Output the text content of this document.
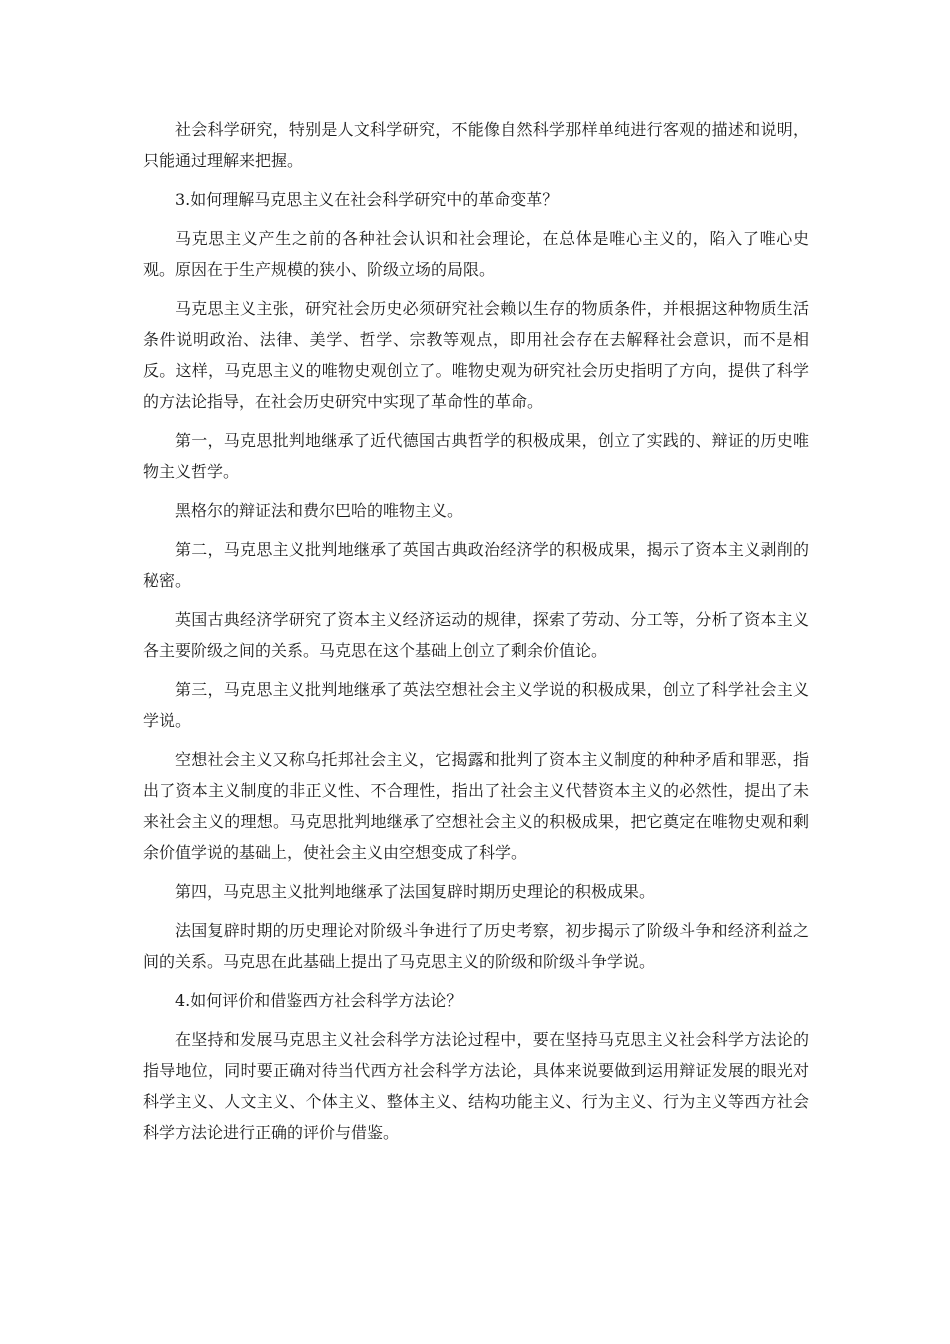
社会科学研究，特别是人文科学研究，不能像自然科学那样单纯进行客观的描述和说明，只能通过理解来把握。

3.如何理解马克思主义在社会科学研究中的革命变革？

马克思主义产生之前的各种社会认识和社会理论，在总体是唯心主义的，陷入了唯心史观。原因在于生产规模的狭小、阶级立场的局限。

马克思主义主张，研究社会历史必须研究社会赖以生存的物质条件，并根据这种物质生活条件说明政治、法律、美学、哲学、宗教等观点，即用社会存在去解释社会意识，而不是相反。这样，马克思主义的唯物史观创立了。唯物史观为研究社会历史指明了方向，提供了科学的方法论指导，在社会历史研究中实现了革命性的革命。

第一，马克思批判地继承了近代德国古典哲学的积极成果，创立了实践的、辩证的历史唯物主义哲学。

黑格尔的辩证法和费尔巴哈的唯物主义。

第二，马克思主义批判地继承了英国古典政治经济学的积极成果，揭示了资本主义剥削的秘密。

英国古典经济学研究了资本主义经济运动的规律，探索了劳动、分工等，分析了资本主义各主要阶级之间的关系。马克思在这个基础上创立了剩余价值论。

第三，马克思主义批判地继承了英法空想社会主义学说的积极成果，创立了科学社会主义学说。

空想社会主义又称乌托邦社会主义，它揭露和批判了资本主义制度的种种矛盾和罪恶，指出了资本主义制度的非正义性、不合理性，指出了社会主义代替资本主义的必然性，提出了未来社会主义的理想。马克思批判地继承了空想社会主义的积极成果，把它奠定在唯物史观和剩余价值学说的基础上，使社会主义由空想变成了科学。

第四，马克思主义批判地继承了法国复辟时期历史理论的积极成果。

法国复辟时期的历史理论对阶级斗争进行了历史考察，初步揭示了阶级斗争和经济利益之间的关系。马克思在此基础上提出了马克思主义的阶级和阶级斗争学说。

4.如何评价和借鉴西方社会科学方法论？

在坚持和发展马克思主义社会科学方法论过程中，要在坚持马克思主义社会科学方法论的指导地位，同时要正确对待当代西方社会科学方法论，具体来说要做到运用辩证发展的眼光对科学主义、人文主义、个体主义、整体主义、结构功能主义、行为主义、行为主义等西方社会科学方法论进行正确的评价与借鉴。
